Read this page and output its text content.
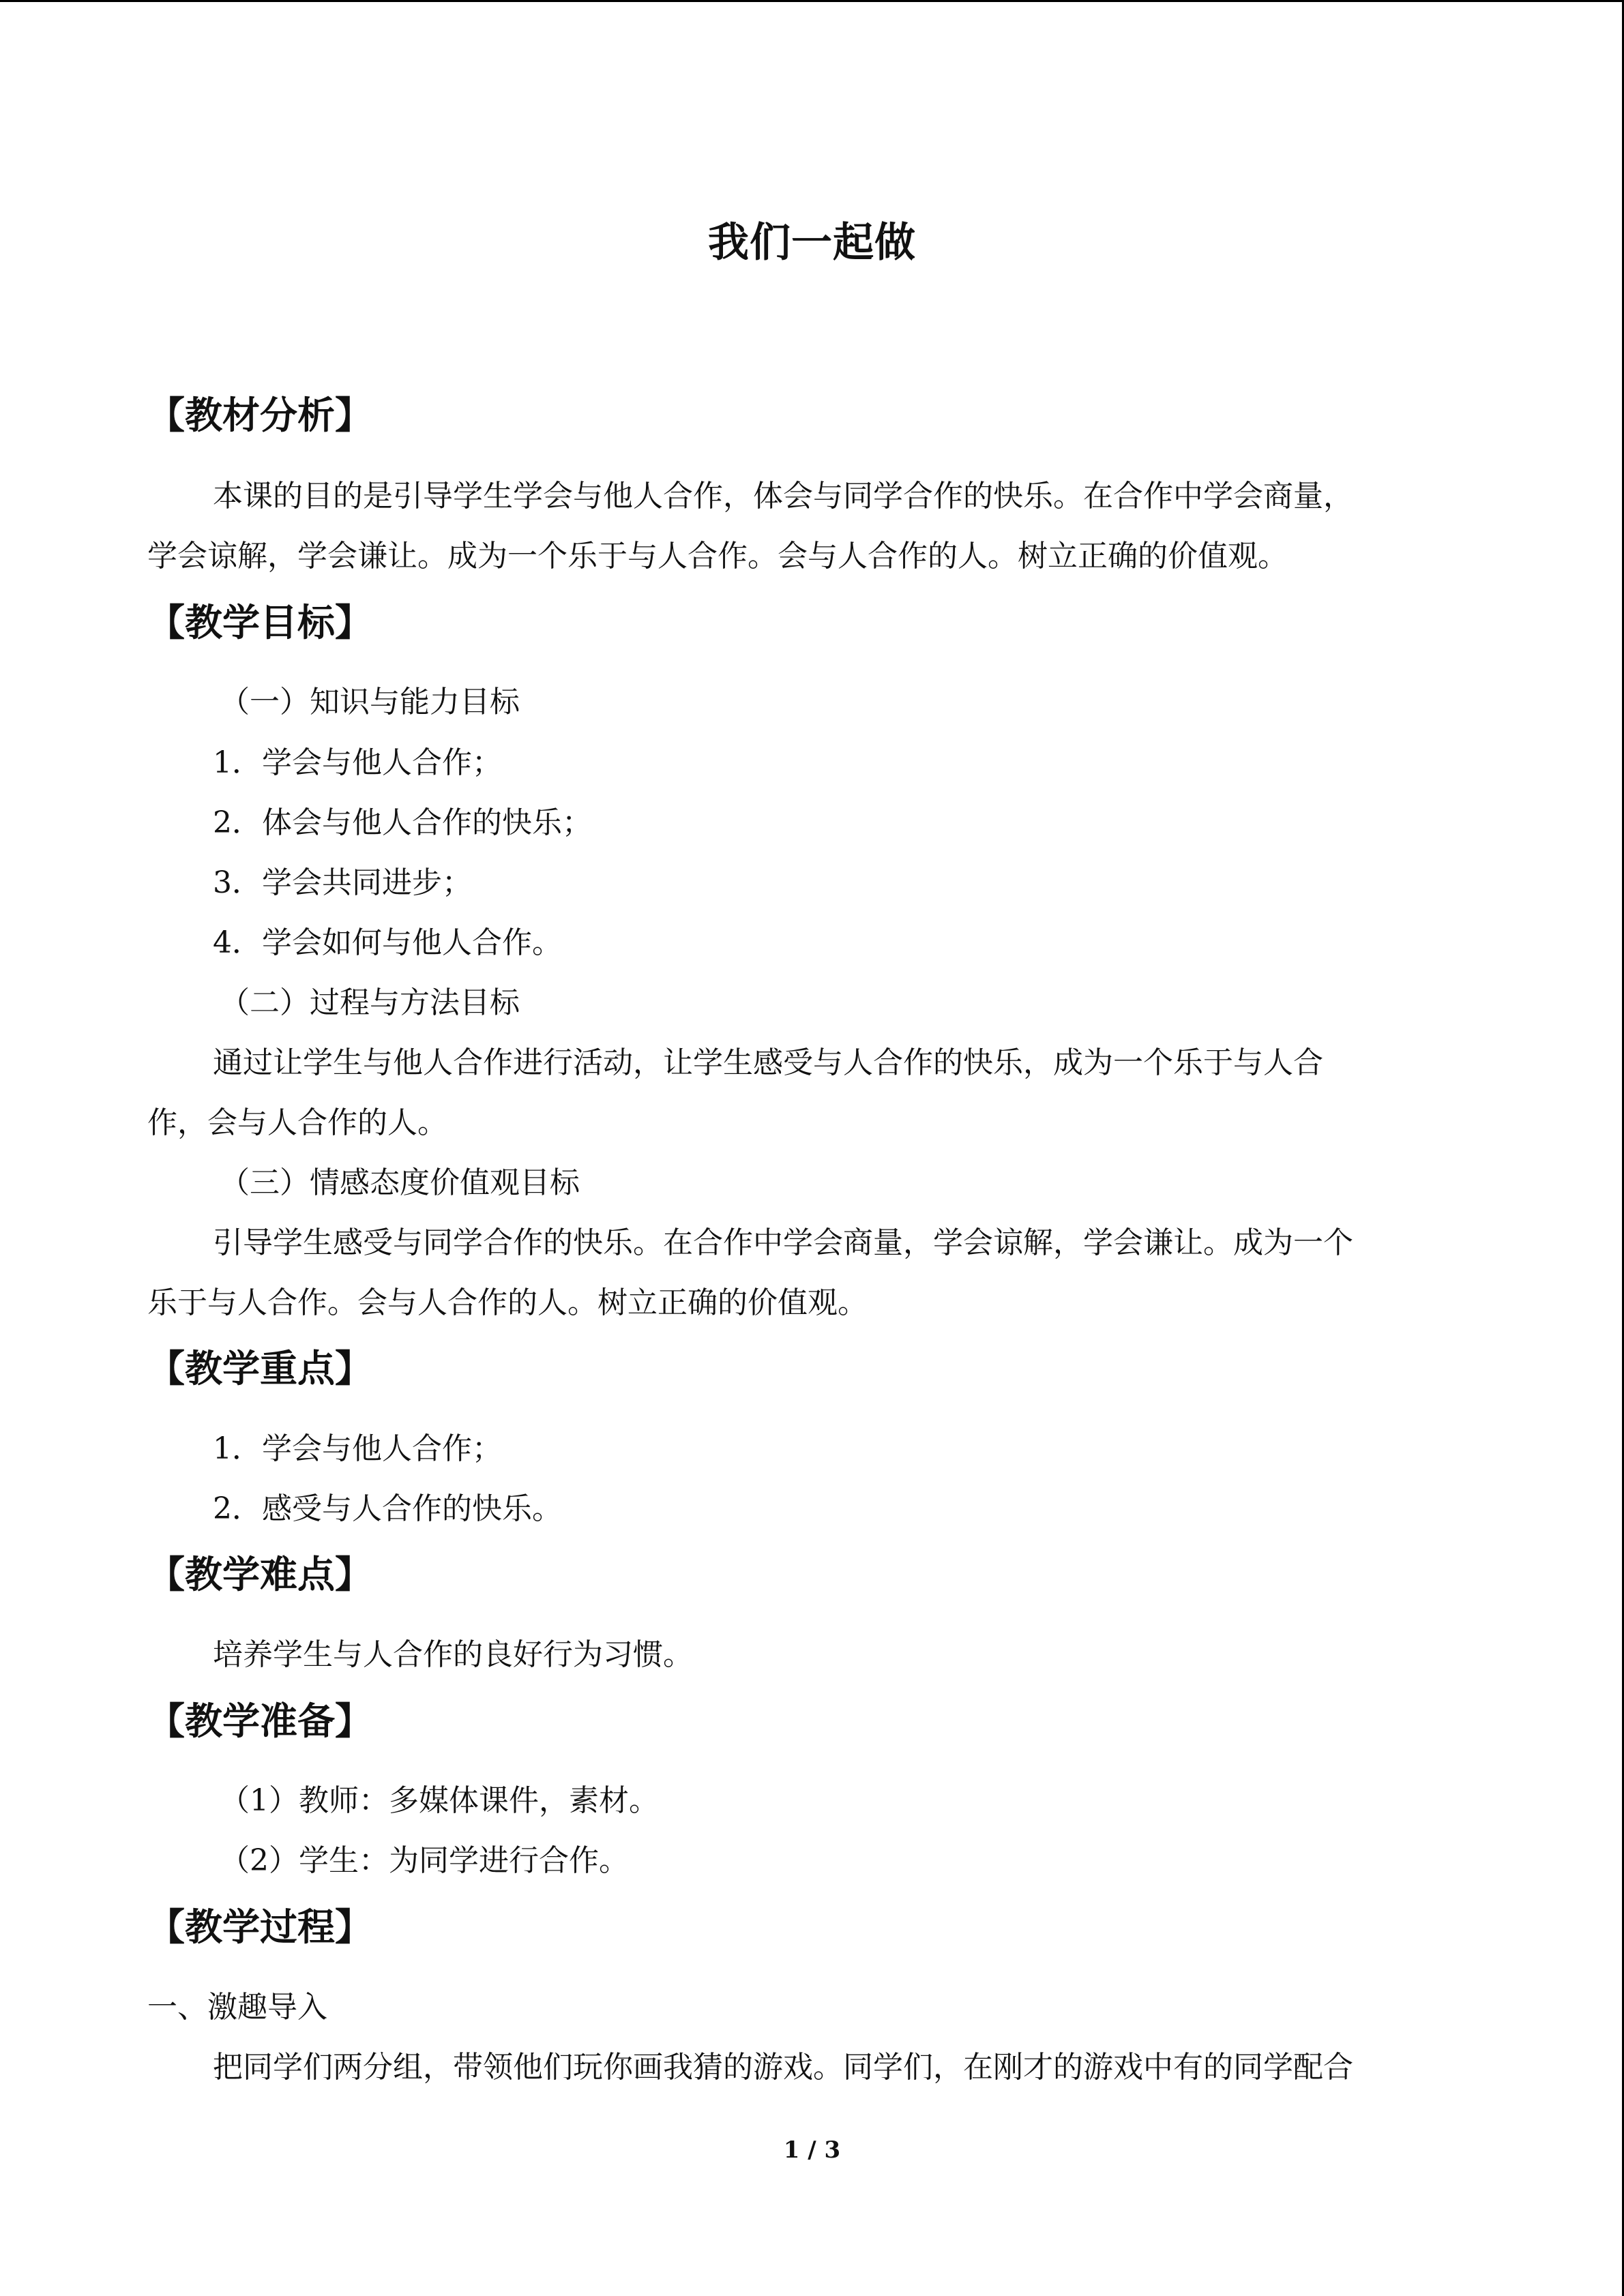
我们一起做
【教材分析】
本课的目的是引导学生学会与他人合作，体会与同学合作的快乐。在合作中学会商量，
学会谅解，学会谦让。成为一个乐于与人合作。会与人合作的人。树立正确的价值观。
【教学目标】
（一）知识与能力目标
1．学会与他人合作；
2．体会与他人合作的快乐；
3．学会共同进步；
4．学会如何与他人合作。
（二）过程与方法目标
通过让学生与他人合作进行活动，让学生感受与人合作的快乐，成为一个乐于与人合
作，会与人合作的人。
（三）情感态度价值观目标
引导学生感受与同学合作的快乐。在合作中学会商量，学会谅解，学会谦让。成为一个
乐于与人合作。会与人合作的人。树立正确的价值观。
【教学重点】
1．学会与他人合作；
2．感受与人合作的快乐。
【教学难点】
培养学生与人合作的良好行为习惯。
【教学准备】
（1）教师：多媒体课件，素材。
（2）学生：为同学进行合作。
【教学过程】
一、激趣导入
把同学们两分组，带领他们玩你画我猜的游戏。同学们，在刚才的游戏中有的同学配合
1 / 3
